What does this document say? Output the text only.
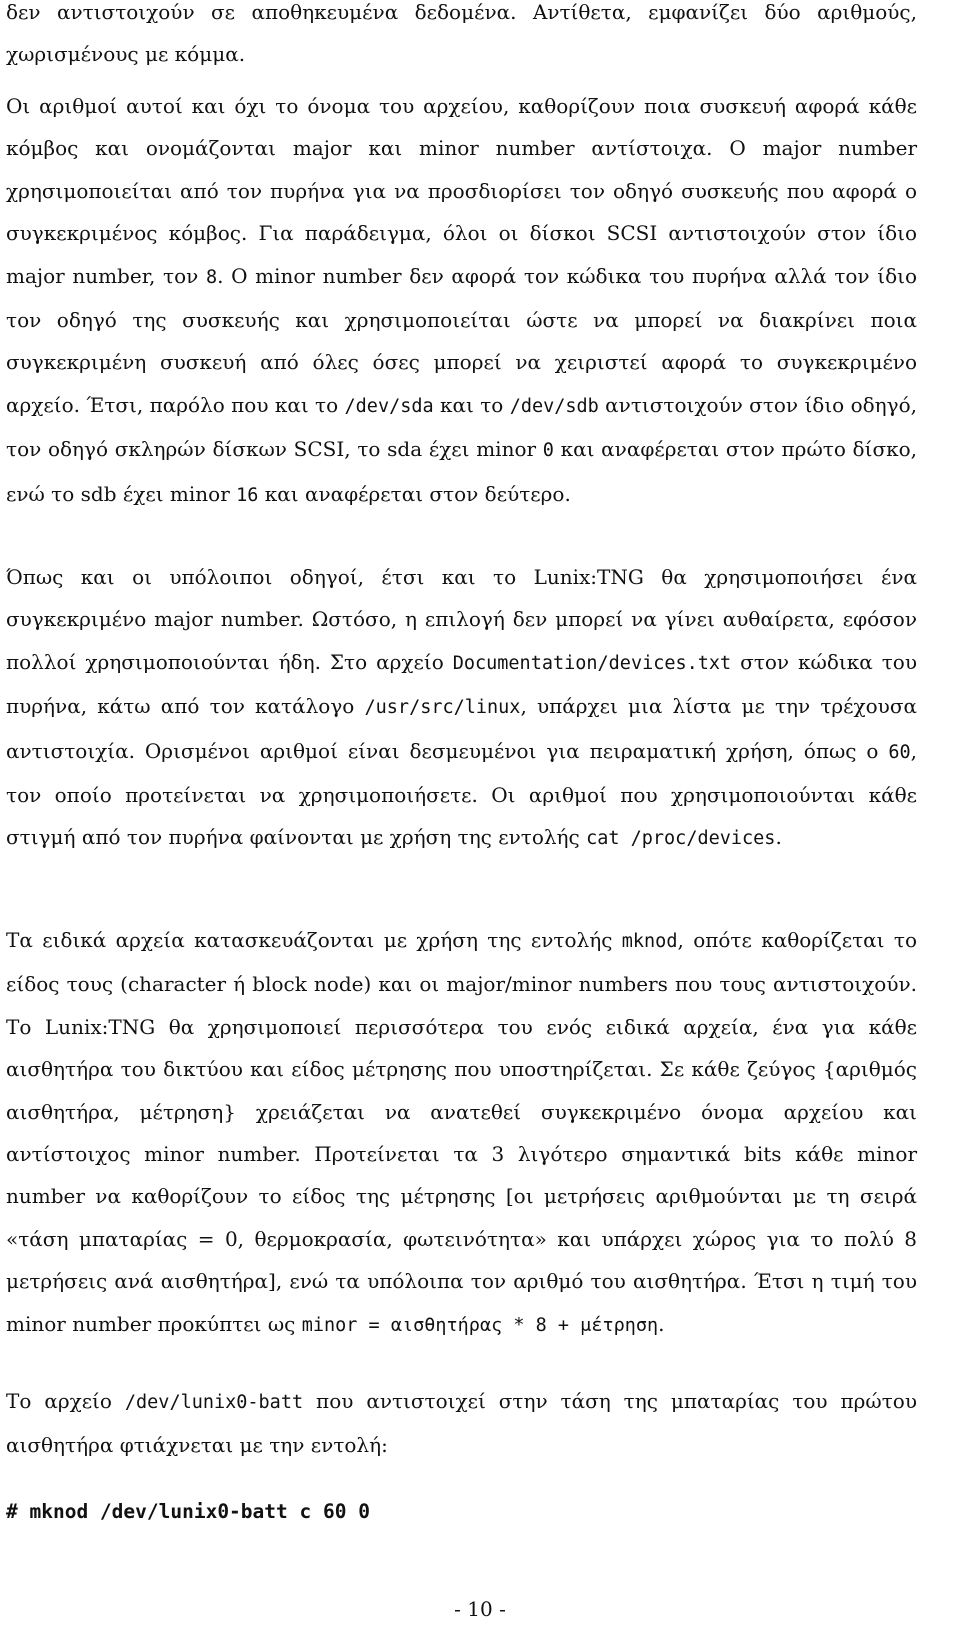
δεν αντιστοιχούν σε αποθηκευμένα δεδομένα. Αντίθετα, εμφανίζει δύο αριθμούς, χωρισμένους με κόμμα.

Οι αριθμοί αυτοί και όχι το όνομα του αρχείου, καθορίζουν ποια συσκευή αφορά κάθε κόμβος και ονομάζονται major και minor number αντίστοιχα. Ο major number χρησιμοποιείται από τον πυρήνα για να προσδιορίσει τον οδηγό συσκευής που αφορά ο συγκεκριμένος κόμβος. Για παράδειγμα, όλοι οι δίσκοι SCSI αντιστοιχούν στον ίδιο major number, τον 8. Ο minor number δεν αφορά τον κώδικα του πυρήνα αλλά τον ίδιο τον οδηγό της συσκευής και χρησιμοποιείται ώστε να μπορεί να διακρίνει ποια συγκεκριμένη συσκευή από όλες όσες μπορεί να χειριστεί αφορά το συγκεκριμένο αρχείο. Έτσι, παρόλο που και το /dev/sda και το /dev/sdb αντιστοιχούν στον ίδιο οδηγό, τον οδηγό σκληρών δίσκων SCSI, το sda έχει minor 0 και αναφέρεται στον πρώτο δίσκο, ενώ το sdb έχει minor 16 και αναφέρεται στον δεύτερο.

Όπως και οι υπόλοιποι οδηγοί, έτσι και το Lunix:TNG θα χρησιμοποιήσει ένα συγκεκριμένο major number. Ωστόσο, η επιλογή δεν μπορεί να γίνει αυθαίρετα, εφόσον πολλοί χρησιμοποιούνται ήδη. Στο αρχείο Documentation/devices.txt στον κώδικα του πυρήνα, κάτω από τον κατάλογο /usr/src/linux, υπάρχει μια λίστα με την τρέχουσα αντιστοιχία. Ορισμένοι αριθμοί είναι δεσμευμένοι για πειραματική χρήση, όπως ο 60, τον οποίο προτείνεται να χρησιμοποιήσετε. Οι αριθμοί που χρησιμοποιούνται κάθε στιγμή από τον πυρήνα φαίνονται με χρήση της εντολής cat /proc/devices.

Τα ειδικά αρχεία κατασκευάζονται με χρήση της εντολής mknod, οπότε καθορίζεται το είδος τους (character ή block node) και οι major/minor numbers που τους αντιστοιχούν. Το Lunix:TNG θα χρησιμοποιεί περισσότερα του ενός ειδικά αρχεία, ένα για κάθε αισθητήρα του δικτύου και είδος μέτρησης που υποστηρίζεται. Σε κάθε ζεύγος {αριθμός αισθητήρα, μέτρηση} χρειάζεται να ανατεθεί συγκεκριμένο όνομα αρχείου και αντίστοιχος minor number. Προτείνεται τα 3 λιγότερο σημαντικά bits κάθε minor number να καθορίζουν το είδος της μέτρησης [οι μετρήσεις αριθμούνται με τη σειρά «τάση μπαταρίας = 0, θερμοκρασία, φωτεινότητα» και υπάρχει χώρος για το πολύ 8 μετρήσεις ανά αισθητήρα], ενώ τα υπόλοιπα τον αριθμό του αισθητήρα. Έτσι η τιμή του minor number προκύπτει ως minor = αισθητήρας * 8 + μέτρηση.

Το αρχείο /dev/lunix0-batt που αντιστοιχεί στην τάση της μπαταρίας του πρώτου αισθητήρα φτιάχνεται με την εντολή:

# mknod /dev/lunix0-batt c 60 0
- 10 -
